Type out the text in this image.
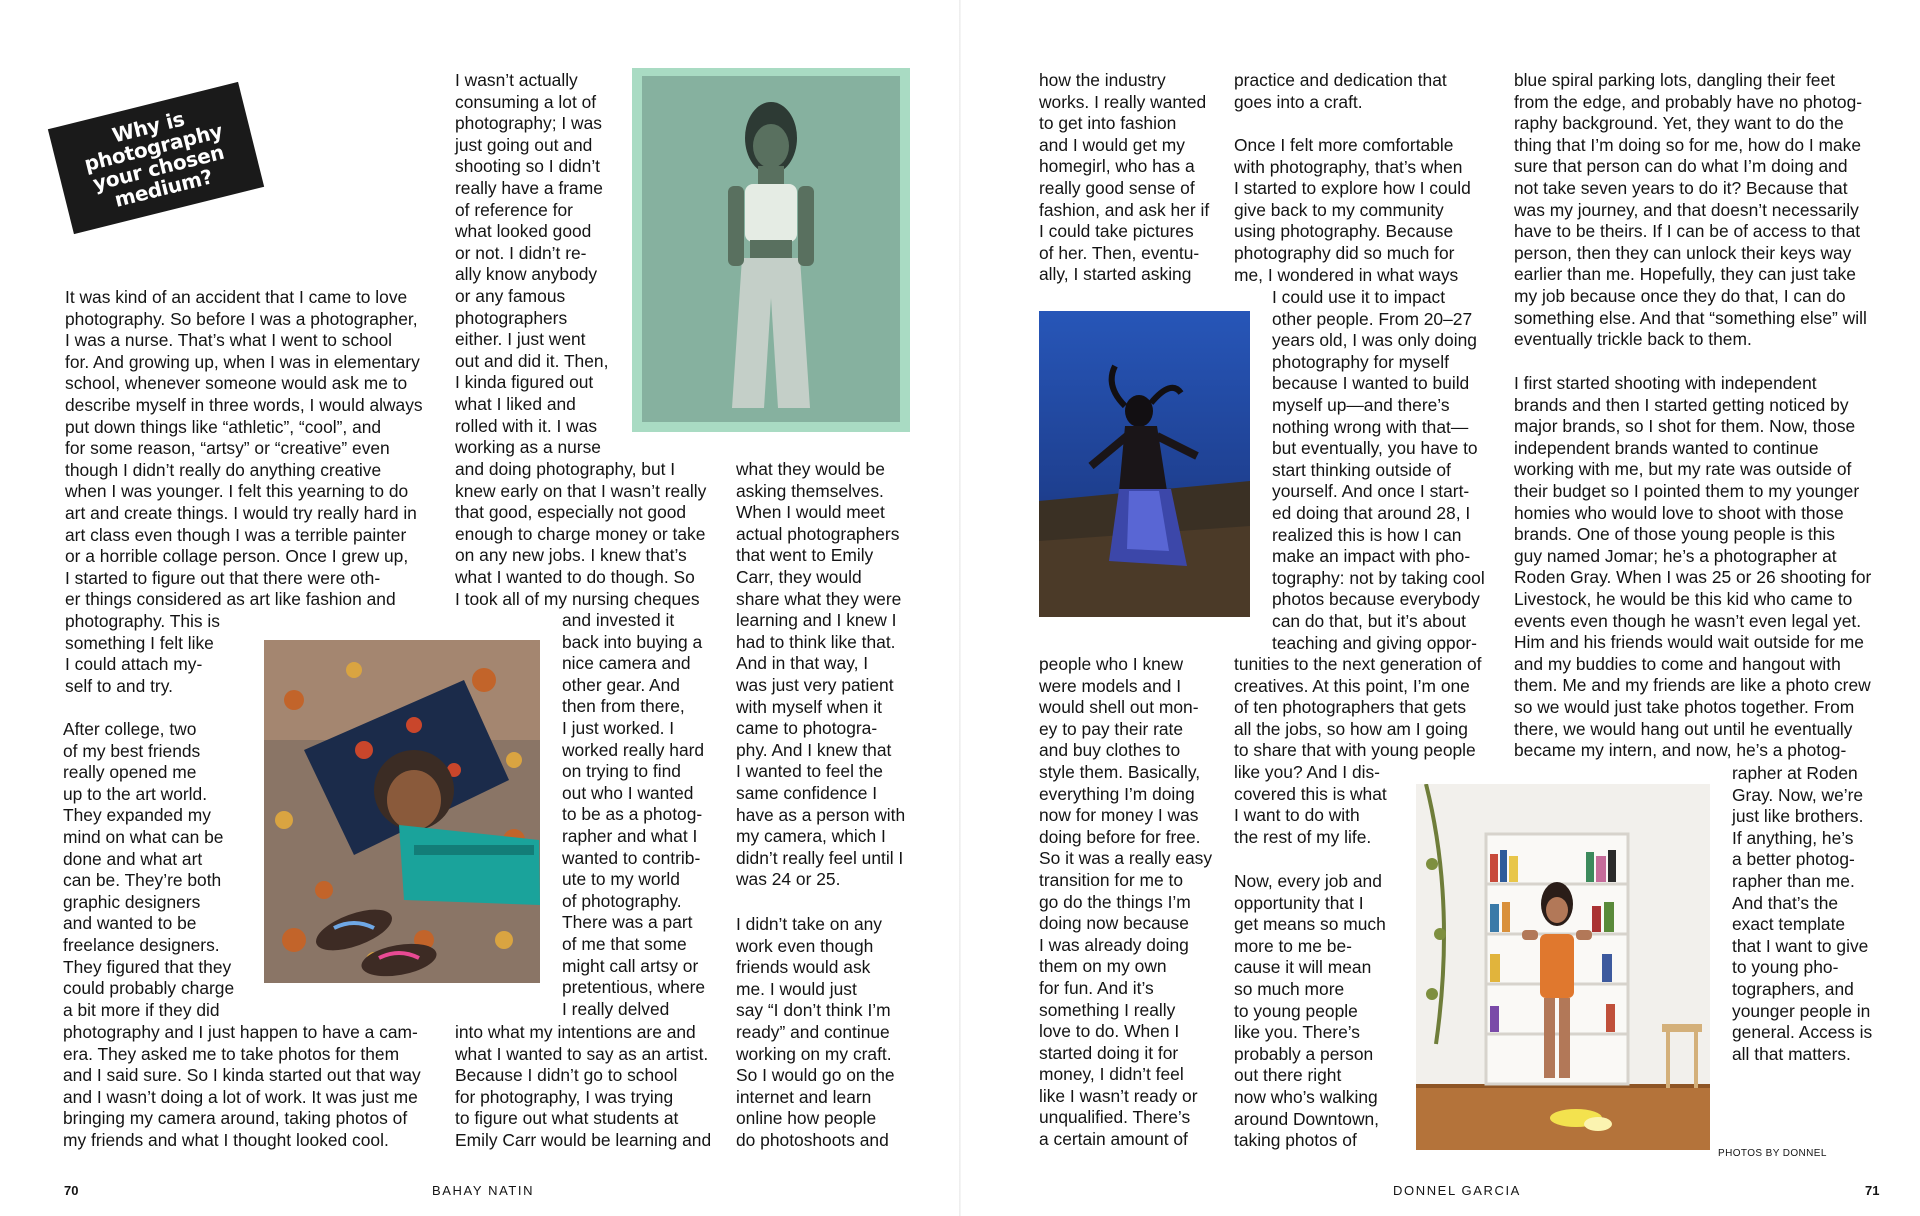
Why is
photography
your chosen
medium?

It was kind of an accident that I came to love
photography. So before I was a photographer,
I was a nurse. That’s what I went to school
for. And growing up, when I was in elementary
school, whenever someone would ask me to
describe myself in three words, I would always
put down things like “athletic”, “cool”, and
for some reason, “artsy” or “creative” even
though I didn’t really do anything creative
when I was younger. I felt this yearning to do
art and create things. I would try really hard in
art class even though I was a terrible painter
or a horrible collage person. Once I grew up,
I started to figure out that there were oth-
er things considered as art like fashion and
photography. This is
something I felt like
I could attach my-
self to and try.

After college, two
of my best friends
really opened me
up to the art world.
They expanded my
mind on what can be
done and what art
can be. They’re both
graphic designers
and wanted to be
freelance designers.
They figured that they
could probably charge
a bit more if they did

photography and I just happen to have a cam-
era. They asked me to take photos for them
and I said sure. So I kinda started out that way
and I wasn’t doing a lot of work. It was just me
bringing my camera around, taking photos of
my friends and what I thought looked cool.

I wasn’t actually
consuming a lot of
photography; I was
just going out and
shooting so I didn’t
really have a frame
of reference for
what looked good
or not. I didn’t re-
ally know anybody
or any famous
photographers
either. I just went
out and did it. Then,
I kinda figured out
what I liked and
rolled with it. I was
working as a nurse

and doing photography, but I
knew early on that I wasn’t really
that good, especially not good
enough to charge money or take
on any new jobs. I knew that’s
what I wanted to do though. So
I took all of my nursing cheques

and invested it
back into buying a
nice camera and
other gear. And
then from there,
I just worked. I
worked really hard
on trying to find
out who I wanted
to be as a photog-
rapher and what I
wanted to contrib-
ute to my world
of photography.
There was a part
of me that some
might call artsy or
pretentious, where
I really delved

into what my intentions are and
what I wanted to say as an artist.
Because I didn’t go to school
for photography, I was trying
to figure out what students at
Emily Carr would be learning and

what they would be
asking themselves.
When I would meet
actual photographers
that went to Emily
Carr, they would
share what they were
learning and I knew I
had to think like that.
And in that way, I
was just very patient
with myself when it
came to photogra-
phy. And I knew that
I wanted to feel the
same confidence I
have as a person with
my camera, which I
didn’t really feel until I
was 24 or 25.

I didn’t take on any
work even though
friends would ask
me. I would just
say “I don’t think I’m
ready” and continue
working on my craft.
So I would go on the
internet and learn
online how people
do photoshoots and

70	BAHAY NATIN

how the industry
works. I really wanted
to get into fashion
and I would get my
homegirl, who has a
really good sense of
fashion, and ask her if
I could take pictures
of her. Then, eventu-
ally, I started asking

people who I knew
were models and I
would shell out mon-
ey to pay their rate
and buy clothes to
style them. Basically,
everything I’m doing
now for money I was
doing before for free.
So it was a really easy
transition for me to
go do the things I’m
doing now because
I was already doing
them on my own
for fun. And it’s
something I really
love to do. When I
started doing it for
money, I didn’t feel
like I wasn’t ready or
unqualified. There’s
a certain amount of

practice and dedication that
goes into a craft.

Once I felt more comfortable
with photography, that’s when
I started to explore how I could
give back to my community
using photography. Because
photography did so much for
me, I wondered in what ways

I could use it to impact
other people. From 20–27
years old, I was only doing
photography for myself
because I wanted to build
myself up—and there’s
nothing wrong with that—
but eventually, you have to
start thinking outside of
yourself. And once I start-
ed doing that around 28, I
realized this is how I can
make an impact with pho-
tography: not by taking cool
photos because everybody
can do that, but it’s about
teaching and giving oppor-

tunities to the next generation of
creatives. At this point, I’m one
of ten photographers that gets
all the jobs, so how am I going
to share that with young people
like you? And I dis-
covered this is what
I want to do with
the rest of my life.

Now, every job and
opportunity that I
get means so much
more to me be-
cause it will mean
so much more
to young people
like you. There’s
probably a person
out there right
now who’s walking
around Downtown,
taking photos of

blue spiral parking lots, dangling their feet
from the edge, and probably have no photog-
raphy background. Yet, they want to do the
thing that I’m doing so for me, how do I make
sure that person can do what I’m doing and
not take seven years to do it? Because that
was my journey, and that doesn’t necessarily
have to be theirs. If I can be of access to that
person, then they can unlock their keys way
earlier than me. Hopefully, they can just take
my job because once they do that, I can do
something else. And that “something else” will
eventually trickle back to them.

I first started shooting with independent
brands and then I started getting noticed by
major brands, so I shot for them. Now, those
independent brands wanted to continue
working with me, but my rate was outside of
their budget so I pointed them to my younger
homies who would love to shoot with those
brands. One of those young people is this
guy named Jomar; he’s a photographer at
Roden Gray. When I was 25 or 26 shooting for
Livestock, he would be this kid who came to
events even though he wasn’t even legal yet.
Him and his friends would wait outside for me
and my buddies to come and hangout with
them. Me and my friends are like a photo crew
so we would just take photos together. From
there, we would hang out until he eventually
became my intern, and now, he’s a photog-

rapher at Roden
Gray. Now, we’re
just like brothers.
If anything, he’s
a better photog-
rapher than me.
And that’s the
exact template
that I want to give
to young pho-
tographers, and
younger people in
general. Access is
all that matters.

PHOTOS BY DONNEL
DONNEL GARCIA	71
